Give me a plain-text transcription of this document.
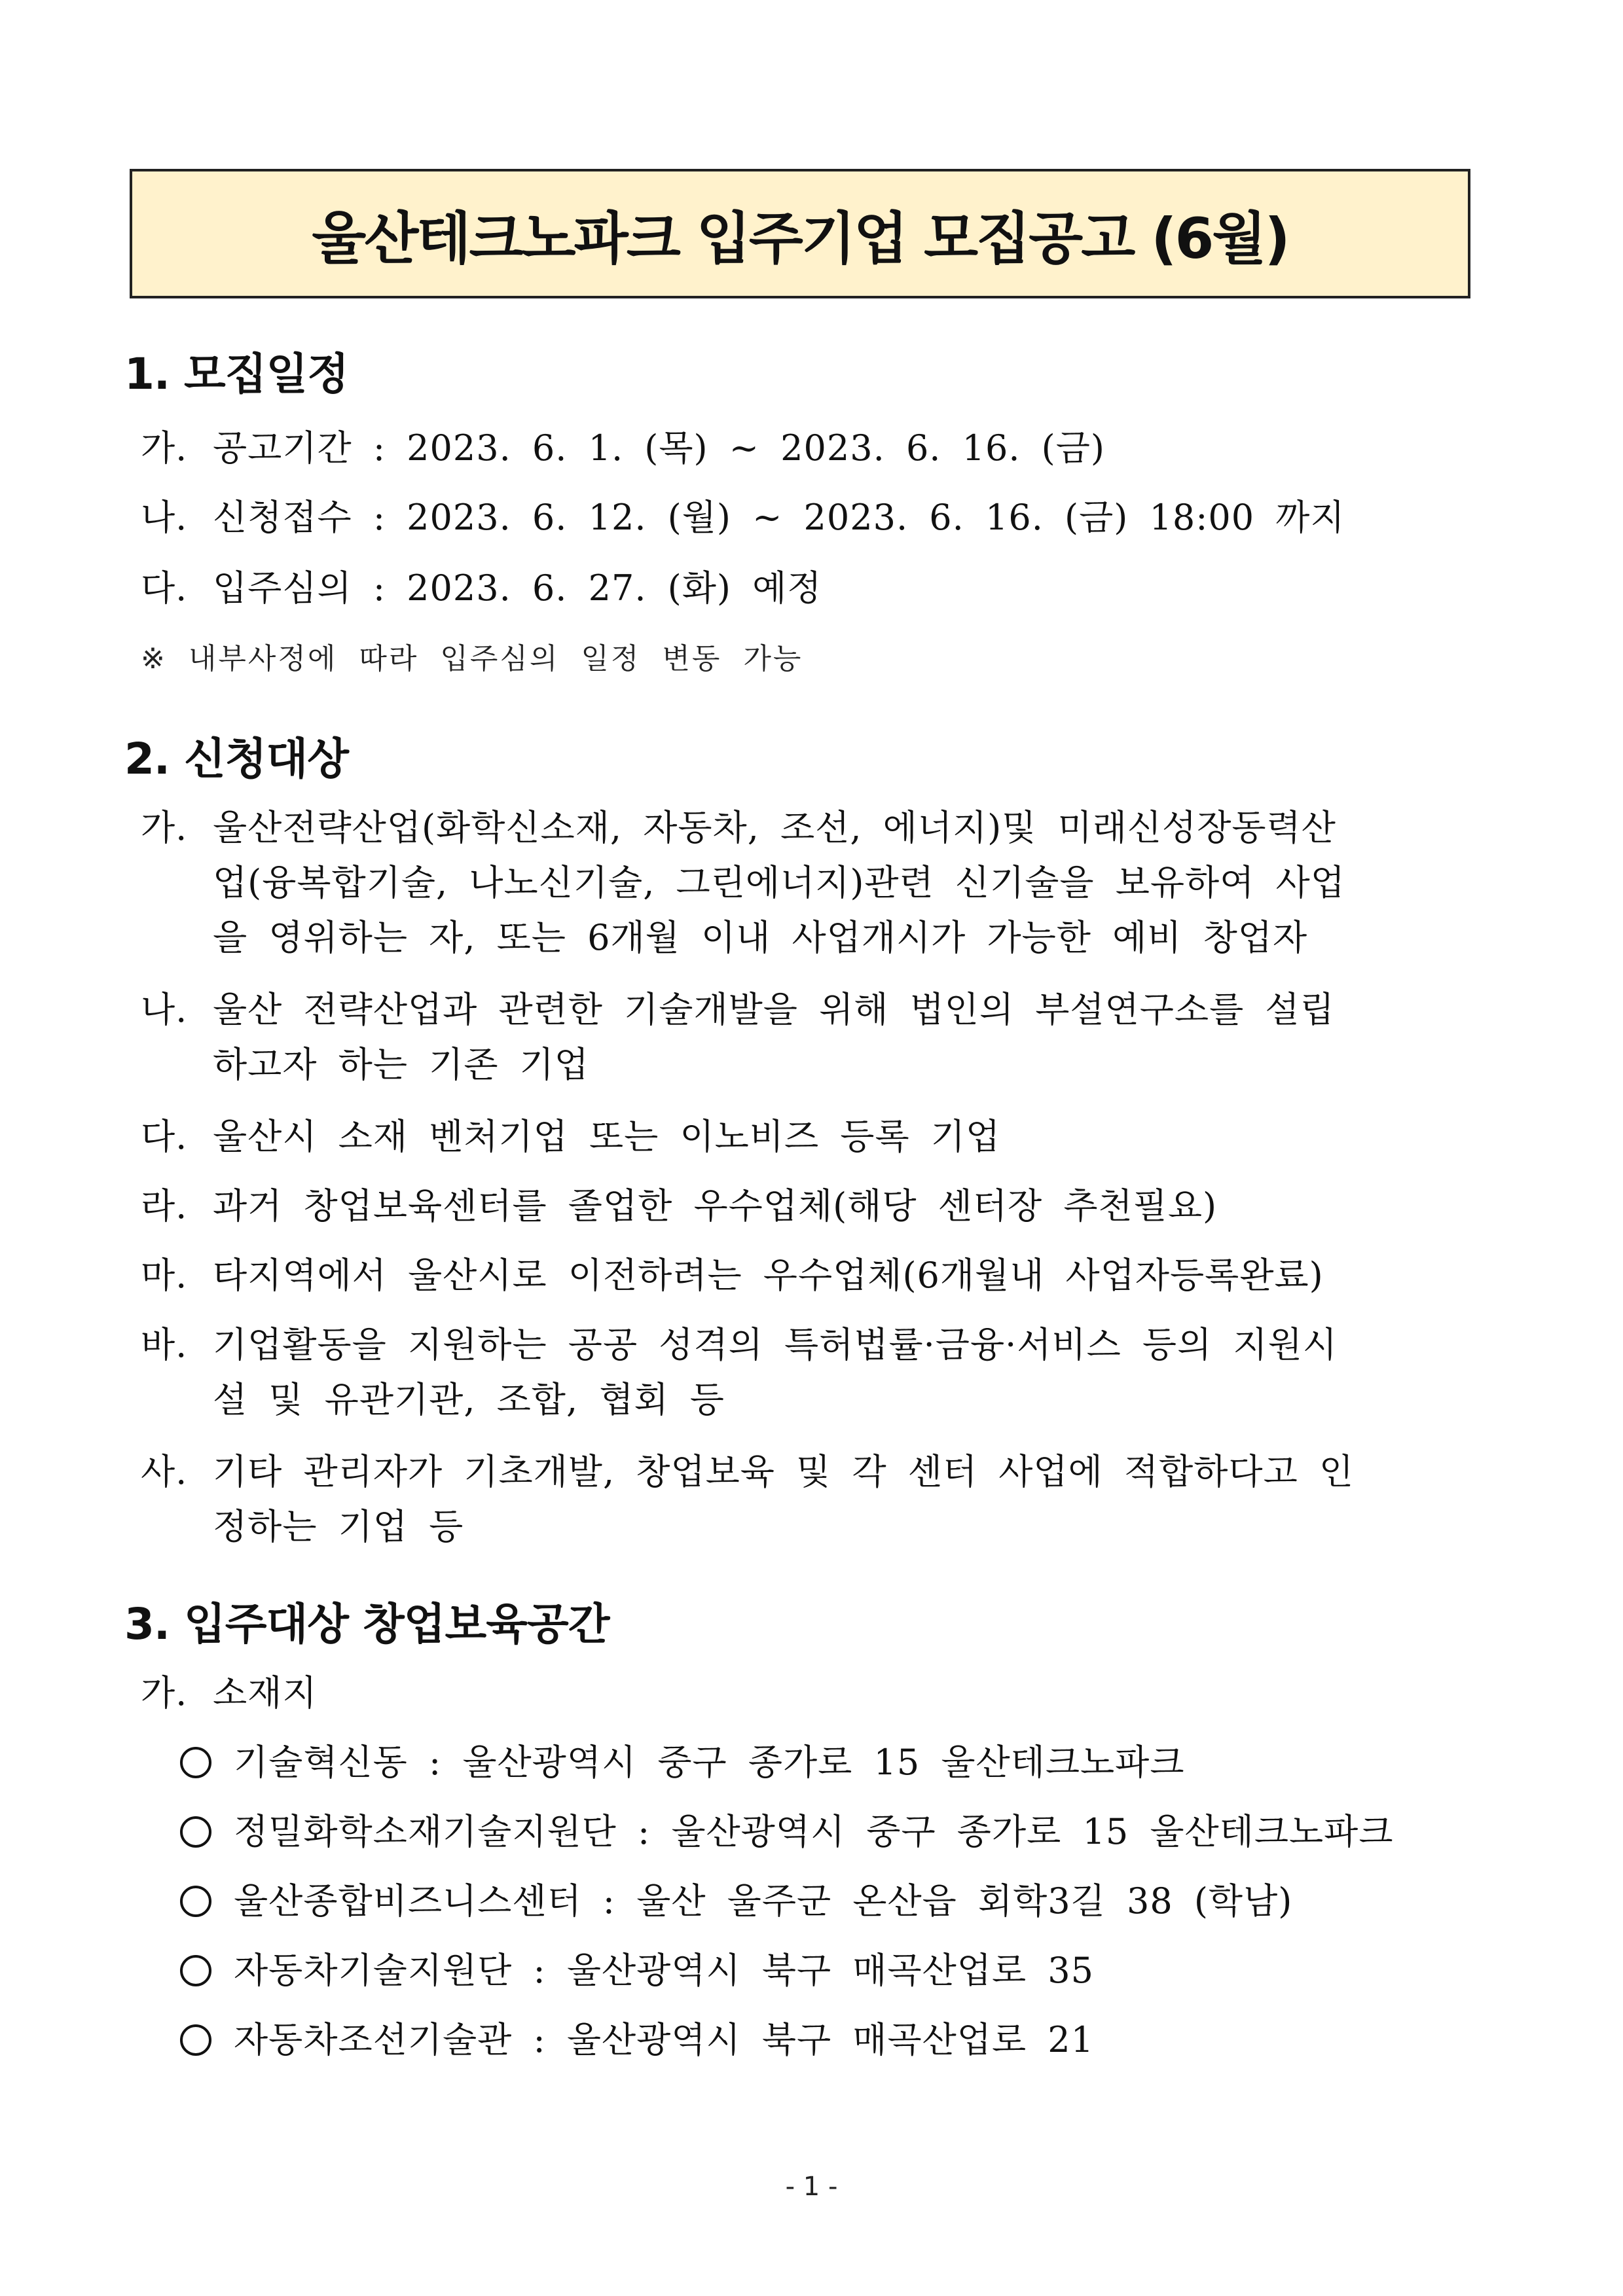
울산테크노파크 입주기업 모집공고 (6월)
1. 모집일정
가. 공고기간 : 2023. 6. 1. (목) ~ 2023. 6. 16. (금)
나. 신청접수 : 2023. 6. 12. (월) ~ 2023. 6. 16. (금) 18:00 까지
다. 입주심의 : 2023. 6. 27. (화) 예정
※ 내부사정에 따라 입주심의 일정 변동 가능
2. 신청대상
가. 울산전략산업(화학신소재, 자동차, 조선, 에너지)및 미래신성장동력산
업(융복합기술, 나노신기술, 그린에너지)관련 신기술을 보유하여 사업
을 영위하는 자, 또는 6개월 이내 사업개시가 가능한 예비 창업자
나. 울산 전략산업과 관련한 기술개발을 위해 법인의 부설연구소를 설립
하고자 하는 기존 기업
다. 울산시 소재 벤처기업 또는 이노비즈 등록 기업
라. 과거 창업보육센터를 졸업한 우수업체(해당 센터장 추천필요)
마. 타지역에서 울산시로 이전하려는 우수업체(6개월내 사업자등록완료)
바. 기업활동을 지원하는 공공 성격의 특허법률·금융·서비스 등의 지원시
설 및 유관기관, 조합, 협회 등
사. 기타 관리자가 기초개발, 창업보육 및 각 센터 사업에 적합하다고 인
정하는 기업 등
3. 입주대상 창업보육공간
가. 소재지
기술혁신동 : 울산광역시 중구 종가로 15 울산테크노파크
정밀화학소재기술지원단 : 울산광역시 중구 종가로 15 울산테크노파크
울산종합비즈니스센터 : 울산 울주군 온산읍 회학3길 38 (학남)
자동차기술지원단 : 울산광역시 북구 매곡산업로 35
자동차조선기술관 : 울산광역시 북구 매곡산업로 21
- 1 -
